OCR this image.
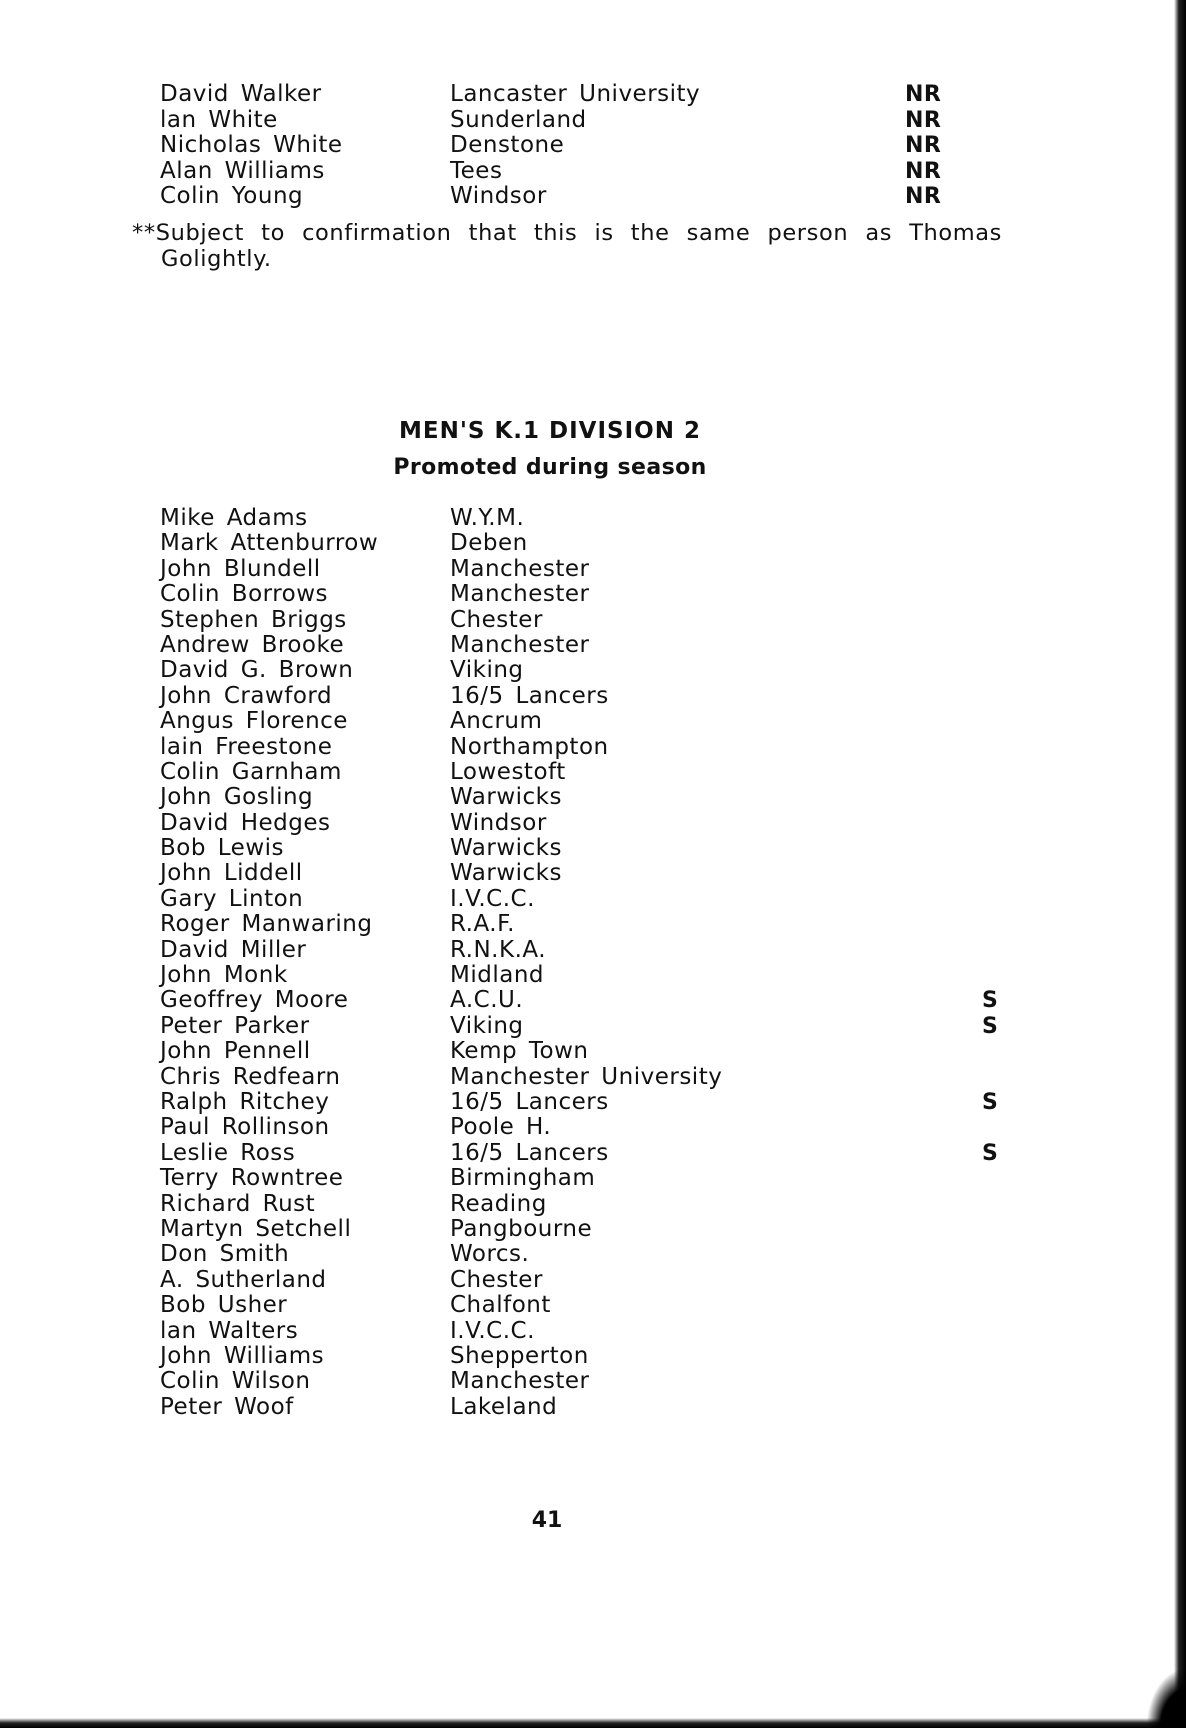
David Walker	Lancaster University	NR
lan White	Sunderland	NR
Nicholas White	Denstone	NR
Alan Williams	Tees	NR
Colin Young	Windsor	NR
**Subject to confirmation that this is the same person as Thomas
Golightly.
MEN'S K.1 DIVISION 2
Promoted during season
Mike Adams	W.Y.M.
Mark Attenburrow	Deben
John Blundell	Manchester
Colin Borrows	Manchester
Stephen Briggs	Chester
Andrew Brooke	Manchester
David G. Brown	Viking
John Crawford	16/5 Lancers
Angus Florence	Ancrum
lain Freestone	Northampton
Colin Garnham	Lowestoft
John Gosling	Warwicks
David Hedges	Windsor
Bob Lewis	Warwicks
John Liddell	Warwicks
Gary Linton	I.V.C.C.
Roger Manwaring	R.A.F.
David Miller	R.N.K.A.
John Monk	Midland
Geoffrey Moore	A.C.U.	S
Peter Parker	Viking	S
John Pennell	Kemp Town
Chris Redfearn	Manchester University
Ralph Ritchey	16/5 Lancers	S
Paul Rollinson	Poole H.
Leslie Ross	16/5 Lancers	S
Terry Rowntree	Birmingham
Richard Rust	Reading
Martyn Setchell	Pangbourne
Don Smith	Worcs.
A. Sutherland	Chester
Bob Usher	Chalfont
lan Walters	I.V.C.C.
John Williams	Shepperton
Colin Wilson	Manchester
Peter Woof	Lakeland
41
